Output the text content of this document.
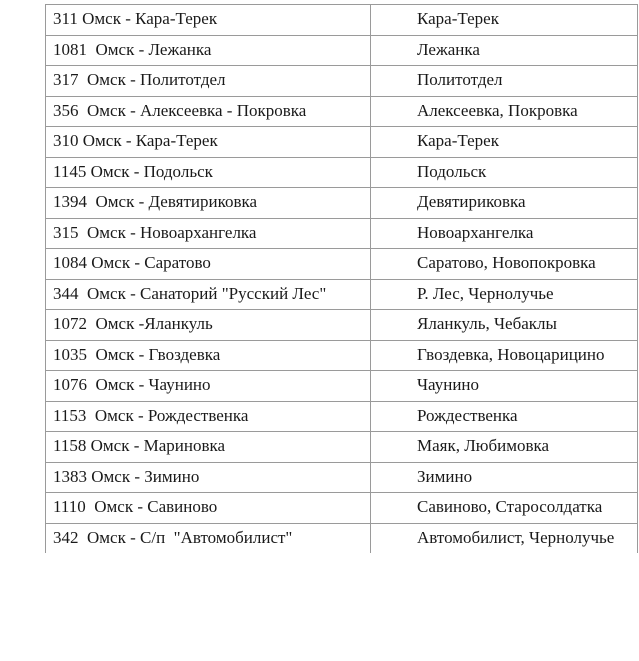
311 Омск - Кара-Терек	Кара-Терек
1081  Омск - Лежанка	Лежанка
317  Омск - Политотдел	Политотдел
356  Омск - Алексеевка - Покровка	Алексеевка, Покровка
310 Омск - Кара-Терек	Кара-Терек
1145 Омск - Подольск	Подольск
1394  Омск - Девятириковка	Девятириковка
315  Омск - Новоархангелка	Новоархангелка
1084 Омск - Саратово	Саратово, Новопокровка
344  Омск - Санаторий "Русский Лес"	Р. Лес, Чернолучье
1072  Омск -Яланкуль	Яланкуль, Чебаклы
1035  Омск - Гвоздевка	Гвоздевка, Новоцарицино
1076  Омск - Чаунино	Чаунино
1153  Омск - Рождественка	Рождественка
1158 Омск - Мариновка	Маяк, Любимовка
1383 Омск - Зимино	Зимино
1110  Омск - Савиново	Савиново, Старосолдатка
342  Омск - С/п  "Автомобилист"	Автомобилист, Чернолучье
